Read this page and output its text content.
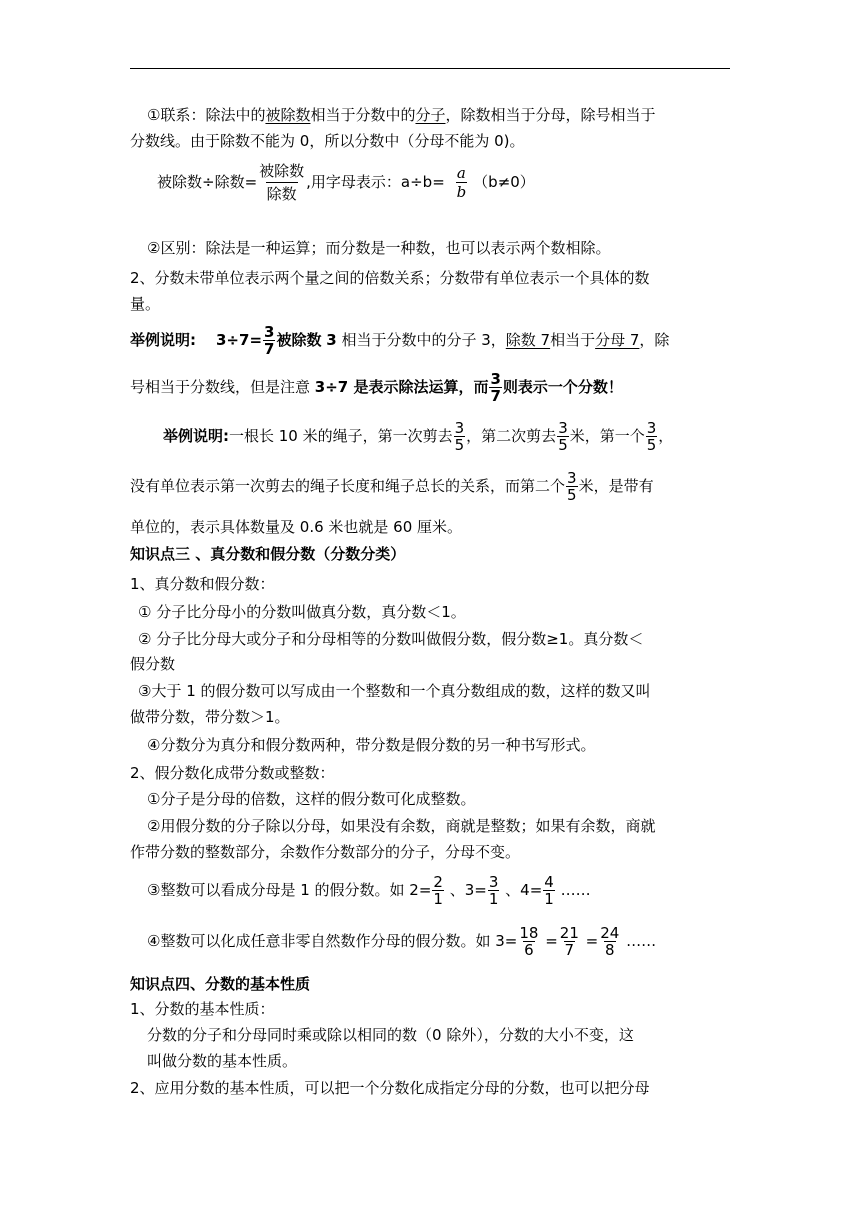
①联系：除法中的被除数相当于分数中的分子，除数相当于分母，除号相当于
分数线。由于除数不能为 0，所以分数中（分母不能为 0)。
被除数÷除数=
被除数
除数
,用字母表示：$a\div b= \frac{a}{b} (b\ne 0)$
②区别：除法是一种运算；而分数是一种数，也可以表示两个数相除。
2、分数未带单位表示两个量之间的倍数关系；分数带有单位表示一个具体的数
量。
举例说明: $3\div 7= \frac{3}{7}$ 被除数 3 相当于分数中的分子 3，除数 7相当于分母 7，除
号相当于分数线，但是注意 3÷7 是表示除法运算，而 $\frac{3}{7}$ 则表示一个分数！
举例说明:一根长 10 米的绳子，第一次剪去 $\frac{3}{5}$ ，第二次剪去 $\frac{3}{5}$ 米，第一个 $\frac{3}{5}$ ，
没有单位表示第一次剪去的绳子长度和绳子总长的关系，而第二个 $\frac{3}{5}$ 米，是带有
单位的，表示具体数量及 0.6 米也就是 60 厘米。
知识点三 、真分数和假分数（分数分类）
1、真分数和假分数：
① 分子比分母小的分数叫做真分数，真分数＜1。
② 分子比分母大或分子和分母相等的分数叫做假分数，假分数≥1。真分数＜
假分数
③大于 1 的假分数可以写成由一个整数和一个真分数组成的数，这样的数又叫
做带分数，带分数＞1。
④分数分为真分和假分数两种，带分数是假分数的另一种书写形式。
2、假分数化成带分数或整数：
①分子是分母的倍数，这样的假分数可化成整数。
②用假分数的分子除以分母，如果没有余数，商就是整数；如果有余数，商就
作带分数的整数部分，余数作分数部分的分子，分母不变。
③整数可以看成分母是 1 的假分数。如 $2= \frac{2}{1}$ 、$3= \frac{3}{1}$ 、$4= \frac{4}{1}$ ……
④整数可以化成任意非零自然数作分母的假分数。如 $3= \frac{18}{6} = \frac{21}{7} = \frac{24}{8}$ ……
知识点四、分数的基本性质
1、分数的基本性质：
分数的分子和分母同时乘或除以相同的数（0 除外），分数的大小不变，这
叫做分数的基本性质。
2、应用分数的基本性质，可以把一个分数化成指定分母的分数，也可以把分母
